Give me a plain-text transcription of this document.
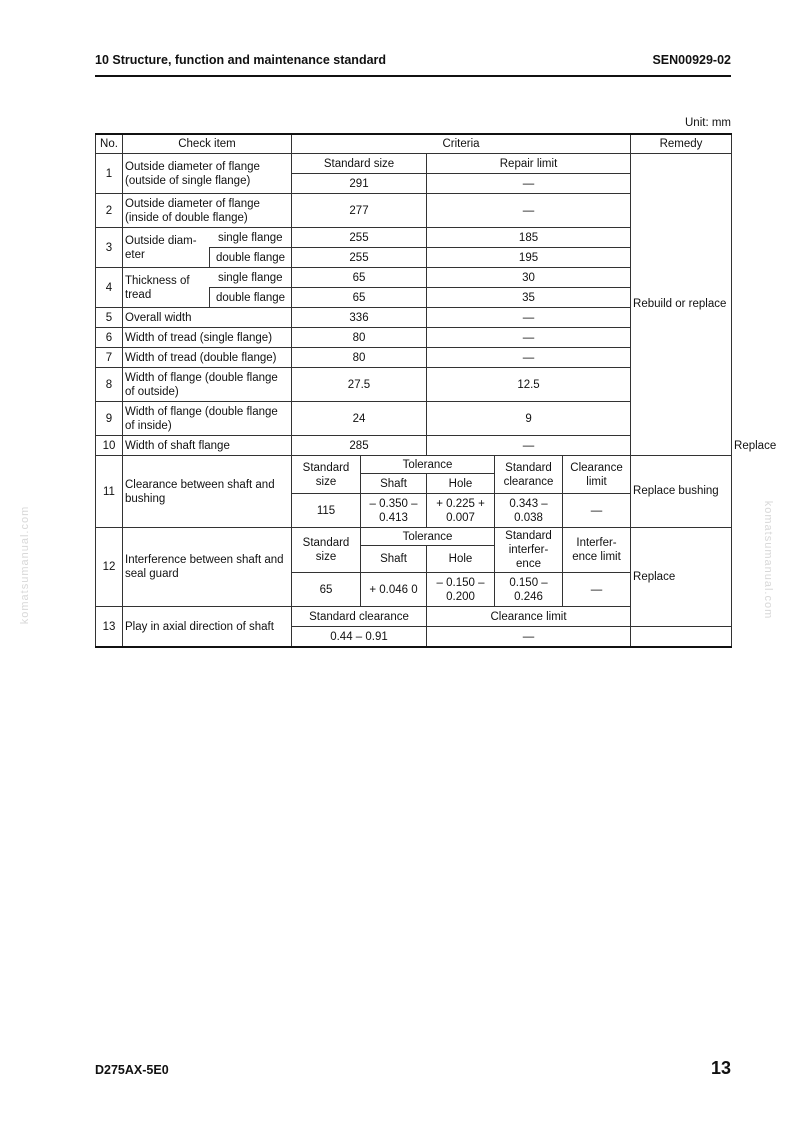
10 Structure, function and maintenance standard	SEN00929-02
Unit: mm
No.	Check item		Criteria					Remedy	
1	Outside diameter of flange (outside of single flange)		Standard size		Repair limit			Rebuild or replace	
			291		—				
2	Outside diameter of flange (inside of double flange)		277		—				
3	Outside diam- eter	single flange	255		185				
		double flange	255		195				
4	Thickness of tread	single flange	65		30				
		double flange	65		35				
5	Overall width		336		—				
6	Width of tread (single flange)		80		—				
7	Width of tread (double flange)		80		—				
8	Width of flange (double flange of outside)		27.5		12.5				
9	Width of flange (double flange of inside)		24		9				
10	Width of shaft flange		285		—				Replace
11	Clearance between shaft and bushing		Standard size	Tolerance		Standard clearance	Clearance limit	Replace bushing	
				Shaft	Hole				
			115	– 0.350 – 0.413	+ 0.225 + 0.007	0.343 – 0.038	—		
12	Interference between shaft and seal guard		Standard size	Tolerance		Standard interfer- ence	Interfer- ence limit	Replace	
				Shaft	Hole				
			65	+ 0.046 0	– 0.150 – 0.200	0.150 – 0.246	—		
13	Play in axial direction of shaft		Standard clearance		Clearance limit				
			0.44 – 0.91		—				
komatsumanual.com	komatsumanual.com
D275AX-5E0	13
